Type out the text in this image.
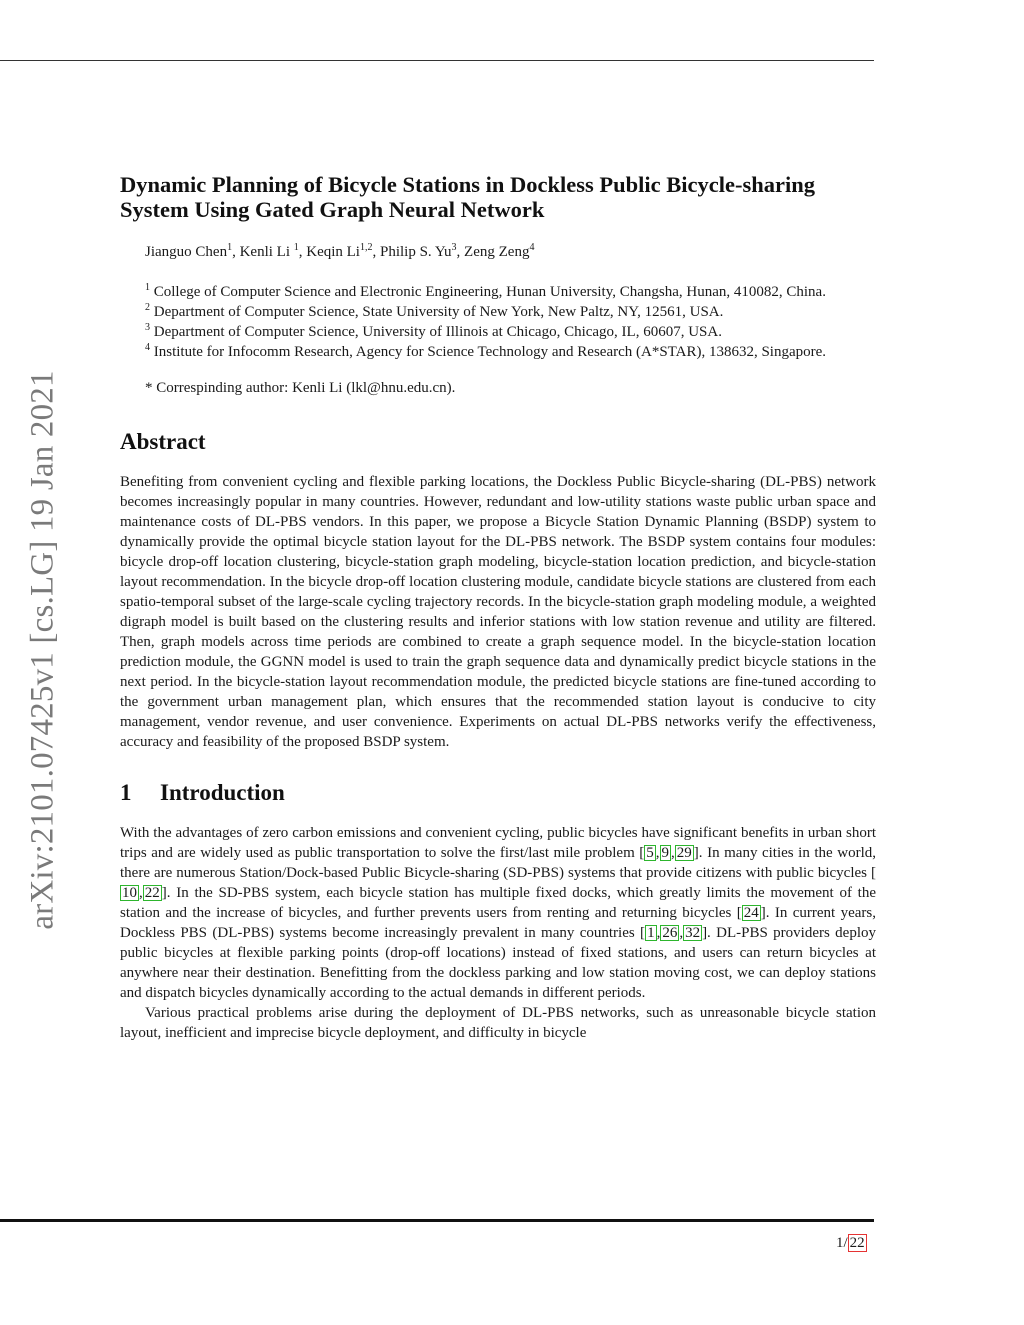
arXiv:2101.07425v1 [cs.LG] 19 Jan 2021
Dynamic Planning of Bicycle Stations in Dockless Public Bicycle-sharing System Using Gated Graph Neural Network
Jianguo Chen$^1$, Kenli Li $^1$, Keqin Li$^{1,2}$, Philip S. Yu$^3$, Zeng Zeng$^4$
$^1$ College of Computer Science and Electronic Engineering, Hunan University, Changsha, Hunan, 410082, China.
$^2$ Department of Computer Science, State University of New York, New Paltz, NY, 12561, USA.
$^3$ Department of Computer Science, University of Illinois at Chicago, Chicago, IL, 60607, USA.
$^4$ Institute for Infocomm Research, Agency for Science Technology and Research (A*STAR), 138632, Singapore.
* Correspinding author: Kenli Li (lkl@hnu.edu.cn).
Abstract

Benefiting from convenient cycling and flexible parking locations, the Dockless Public Bicycle-sharing (DL-PBS) network becomes increasingly popular in many countries. However, redundant and low-utility stations waste public urban space and maintenance costs of DL-PBS vendors. In this paper, we propose a Bicycle Station Dynamic Planning (BSDP) system to dynamically provide the optimal bicycle station layout for the DL-PBS network. The BSDP system contains four modules: bicycle drop-off location clustering, bicycle-station graph modeling, bicycle-station location prediction, and bicycle-station layout recommendation. In the bicycle drop-off location clustering module, candidate bicycle stations are clustered from each spatio-temporal subset of the large-scale cycling trajectory records. In the bicycle-station graph modeling module, a weighted digraph model is built based on the clustering results and inferior stations with low station revenue and utility are filtered. Then, graph models across time periods are combined to create a graph sequence model. In the bicycle-station location prediction module, the GGNN model is used to train the graph sequence data and dynamically predict bicycle stations in the next period. In the bicycle-station layout recommendation module, the predicted bicycle stations are fine-tuned according to the government urban management plan, which ensures that the recommended station layout is conducive to city management, vendor revenue, and user convenience. Experiments on actual DL-PBS networks verify the effectiveness, accuracy and feasibility of the proposed BSDP system.

1 Introduction

With the advantages of zero carbon emissions and convenient cycling, public bicycles have significant benefits in urban short trips and are widely used as public transportation to solve the first/last mile problem [ 5 , 9 , 29 ]. In many cities in the world, there are numerous Station/Dock-based Public Bicycle-sharing (SD-PBS) systems that provide citizens with public bicycles [10 , 22 ]. In the SD-PBS system, each bicycle station has multiple fixed docks, which greatly limits the movement of the station and the increase of bicycles, and further prevents users from renting and returning bicycles [ 24 ]. In current years, Dockless PBS (DL-PBS) systems become increasingly prevalent in many countries [ 1 , 26 , 32 ]. DL-PBS providers deploy public bicycles at flexible parking points (drop-off locations) instead of fixed stations, and users can return bicycles at anywhere near their destination. Benefitting from the dockless parking and low station moving cost, we can deploy stations and dispatch bicycles dynamically according to the actual demands in different periods.

Various practical problems arise during the deployment of DL-PBS networks, such as unreasonable bicycle station layout, inefficient and imprecise bicycle deployment, and difficulty in bicycle

1/ 22
